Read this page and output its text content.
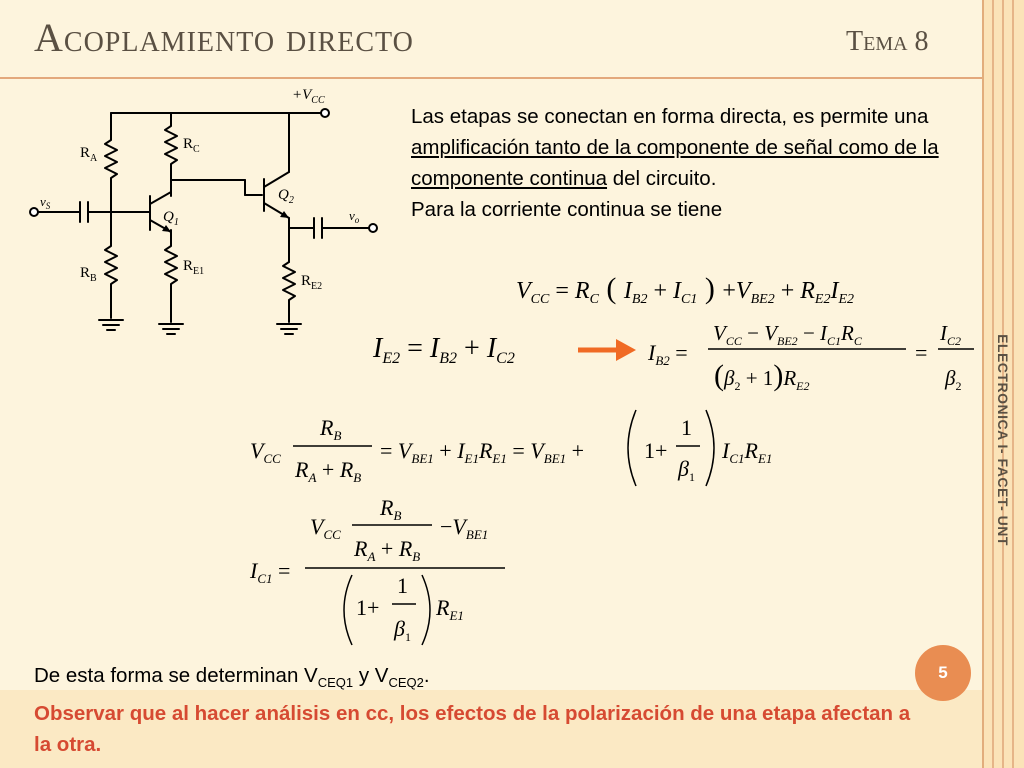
Acoplamiento directo	Tema 8
ELECTRONICA I- FACET- UNT
5
$+V_{CC}$
$R_A$
$R_B$
$R_C$
$R_{E1}$
$R_{E2}$
$Q_1$
$Q_2$
$v_S$
$v_o$
Las etapas se conectan en forma directa, es permite una amplificación tanto de la componente de señal como de la componente continua del circuito.
Para la corriente continua se tiene
$V_{CC} = R_C$ ( $I_{B2} + I_{C1}$ ) $+V_{BE2} + R_{E2}I_{E2}$
$I_{E2} = I_{B2} + I_{C2}$	$I_{B2}$ =
$V_{CC} - V_{BE2} - I_{C1}R_C$
$(\beta_2 + 1)R_{E2}$
=
$I_{C2}$
$\beta_2$
$V_{CC}$
$R_B$
$R_A + R_B$
= $V_{BE1} + I_{E1}R_{E1} = V_{BE1}$ +	1+
1
$\beta_1$
$I_{C1}R_{E1}$
$I_{C1}$ =
$V_{CC}$
$R_B$
$R_A + R_B$
$-V_{BE1}$
1+
1
$\beta_1$
$R_{E1}$
De esta forma se determinan $V_{CEQ1}$ y $V_{CEQ2}$.
Observar que al hacer análisis en cc, los efectos de la polarización de una etapa afectan a la otra.
